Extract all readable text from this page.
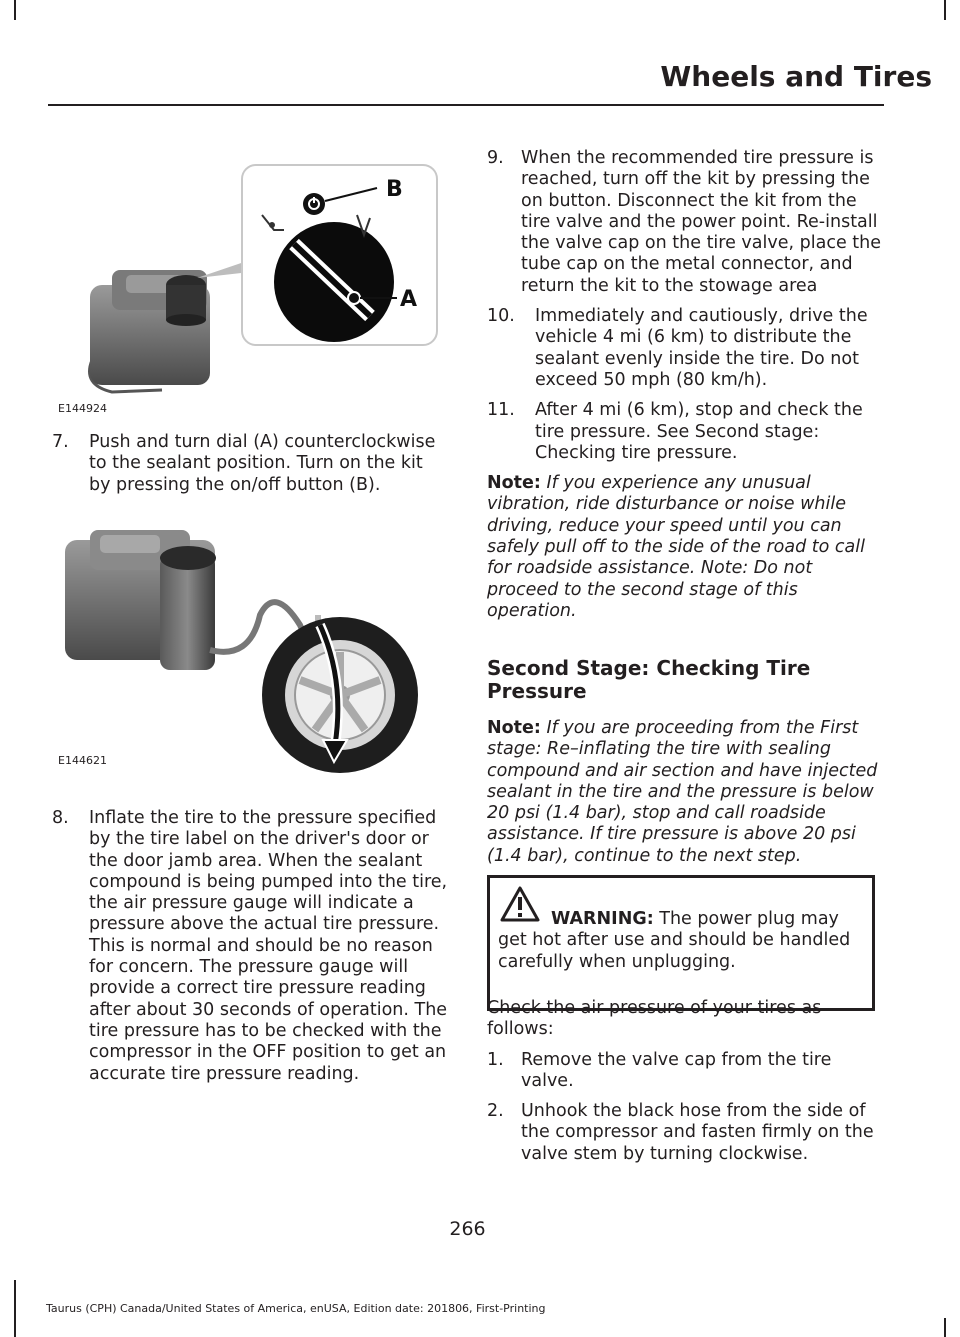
Wheels and Tires
B
A
E144924
7.	Push and turn dial (A) counterclockwise to the sealant position. Turn on the kit by pressing the on/off button (B).
E144621
8.	Inflate the tire to the pressure specified by the tire label on the driver's door or the door jamb area. When the sealant compound is being pumped into the tire, the air pressure gauge will indicate a pressure above the actual tire pressure. This is normal and should be no reason for concern. The pressure gauge will provide a correct tire pressure reading after about 30 seconds of operation. The tire pressure has to be checked with the compressor in the OFF position to get an accurate tire pressure reading.
9. When the recommended tire pressure is reached, turn off the kit by pressing the on button. Disconnect the kit from the tire valve and the power point. Re-install the valve cap on the tire valve, place the tube cap on the metal connector, and return the kit to the stowage area
10.	Immediately and cautiously, drive the vehicle 4 mi (6 km) to distribute the sealant evenly inside the tire. Do not exceed 50 mph (80 km/h).
11.	After 4 mi (6 km), stop and check the tire pressure. See Second stage: Checking tire pressure.
Note: If you experience any unusual vibration, ride disturbance or noise while driving, reduce your speed until you can safely pull off to the side of the road to call for roadside assistance. Note: Do not proceed to the second stage of this operation.
Second Stage: Checking Tire Pressure
Note: If you are proceeding from the First stage: Re–inflating the tire with sealing compound and air section and have injected sealant in the tire and the pressure is below 20 psi (1.4 bar), stop and call roadside assistance. If tire pressure is above 20 psi (1.4 bar), continue to the next step.
WARNING: The power plug may get hot after use and should be handled carefully when unplugging.
Check the air pressure of your tires as follows:
1. Remove the valve cap from the tire valve.
2. Unhook the black hose from the side of the compressor and fasten firmly on the valve stem by turning clockwise.
266
Taurus (CPH) Canada/United States of America, enUSA, Edition date: 201806, First-Printing
